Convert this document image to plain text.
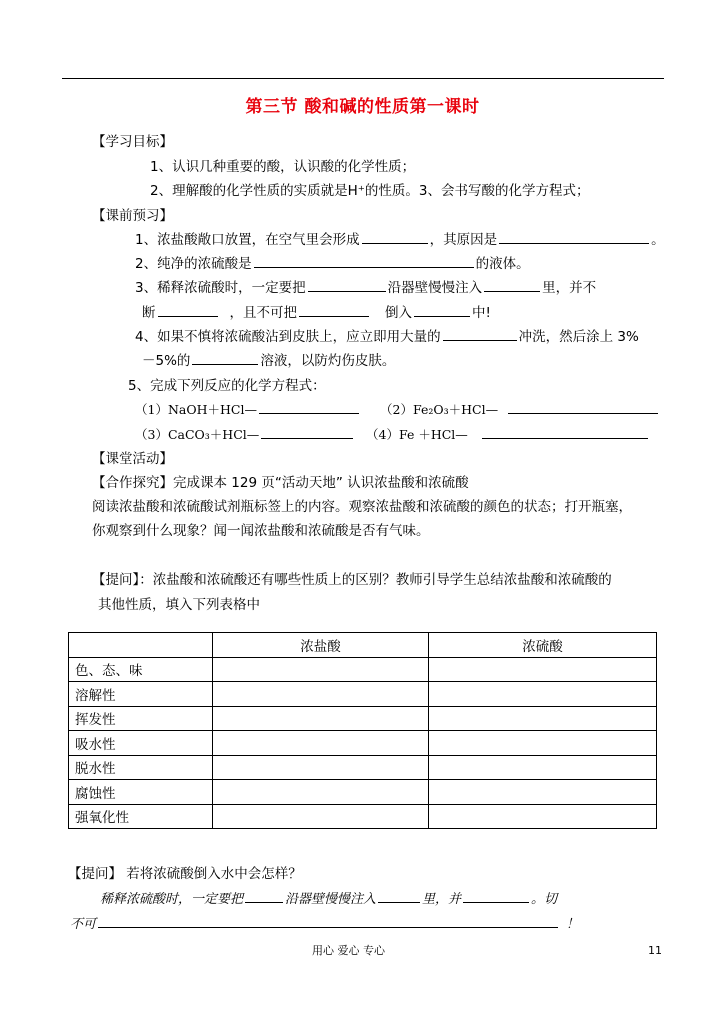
第三节 酸和碱的性质第一课时
【学习目标】
1、认识几种重要的酸，认识酸的化学性质；
2、理解酸的化学性质的实质就是H⁺的性质。3、会书写酸的化学方程式；
【课前预习】
1、浓盐酸敞口放置，在空气里会形成	，其原因是	。
2、纯净的浓硫酸是	的液体。
3、稀释浓硫酸时，一定要把	沿器壁慢慢注入	里，并不
断	，且不可把	倒入	中!
4、如果不慎将浓硫酸沾到皮肤上，应立即用大量的	冲洗，然后涂上 3%
－5%的	溶液，以防灼伤皮肤。
5、完成下列反应的化学方程式：
（1）NaOH＋HCl—	（2）Fe₂O₃＋HCl—
（3）CaCO₃＋HCl—	（4）Fe ＋HCl—
【课堂活动】
【合作探究】完成课本 129 页“活动天地” 认识浓盐酸和浓硫酸
阅读浓盐酸和浓硫酸试剂瓶标签上的内容。观察浓盐酸和浓硫酸的颜色的状态；打开瓶塞，
你观察到什么现象？闻一闻浓盐酸和浓硫酸是否有气味。
【提问】：浓盐酸和浓硫酸还有哪些性质上的区别？教师引导学生总结浓盐酸和浓硫酸的
其他性质，填入下列表格中
	浓盐酸	浓硫酸
色、态、味		
溶解性		
挥发性		
吸水性		
脱水性		
腐蚀性		
强氧化性		
【提问】 若将浓硫酸倒入水中会怎样？
稀释浓硫酸时，一定要把	沿器壁慢慢注入	里，并	。切
不可	！
用心 爱心 专心	11
